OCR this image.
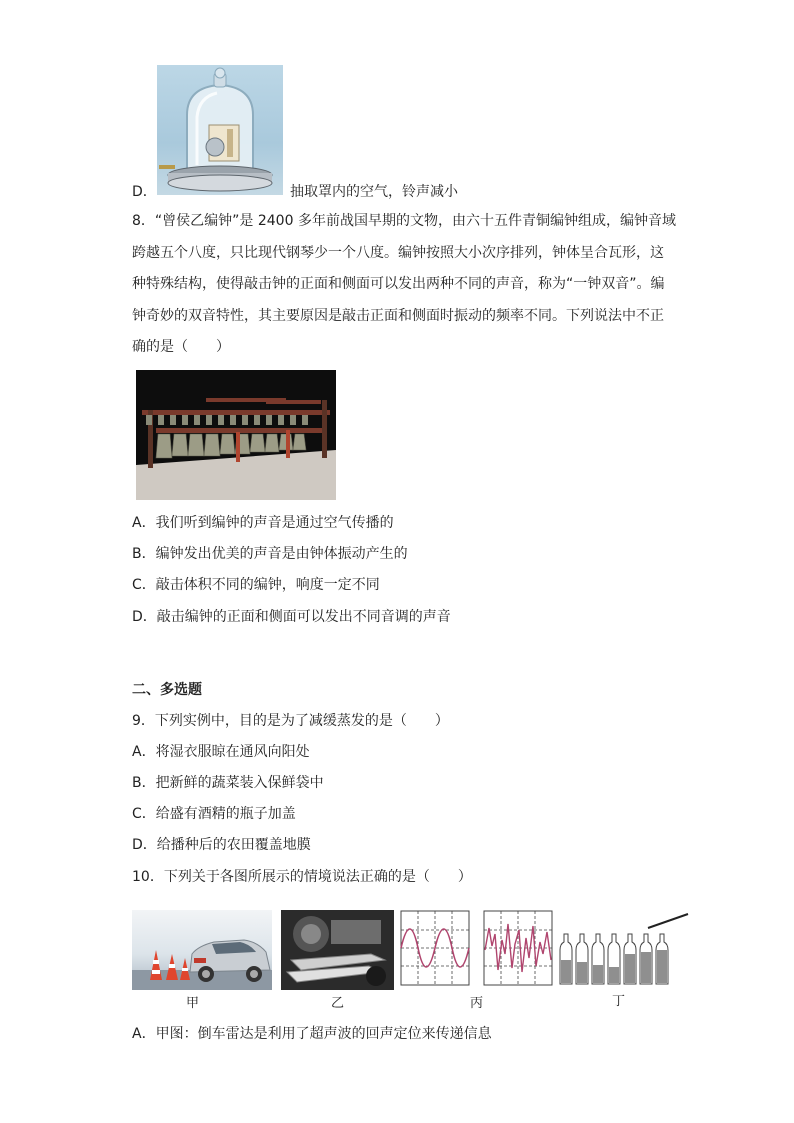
D．	抽取罩内的空气，铃声减小
8．“曾侯乙编钟”是 2400 多年前战国早期的文物，由六十五件青铜编钟组成，编钟音域
跨越五个八度，只比现代钢琴少一个八度。编钟按照大小次序排列，钟体呈合瓦形，这
种特殊结构，使得敲击钟的正面和侧面可以发出两种不同的声音，称为“一钟双音”。编
钟奇妙的双音特性，其主要原因是敲击正面和侧面时振动的频率不同。下列说法中不正
确的是（　　）
A．我们听到编钟的声音是通过空气传播的
B．编钟发出优美的声音是由钟体振动产生的
C．敲击体积不同的编钟，响度一定不同
D．敲击编钟的正面和侧面可以发出不同音调的声音
二、多选题
9．下列实例中，目的是为了减缓蒸发的是（　　）
A．将湿衣服晾在通风向阳处
B．把新鲜的蔬菜装入保鲜袋中
C．给盛有酒精的瓶子加盖
D．给播种后的农田覆盖地膜
10．下列关于各图所展示的情境说法正确的是（　　）
甲	乙	丙	丁
A．甲图：倒车雷达是利用了超声波的回声定位来传递信息
